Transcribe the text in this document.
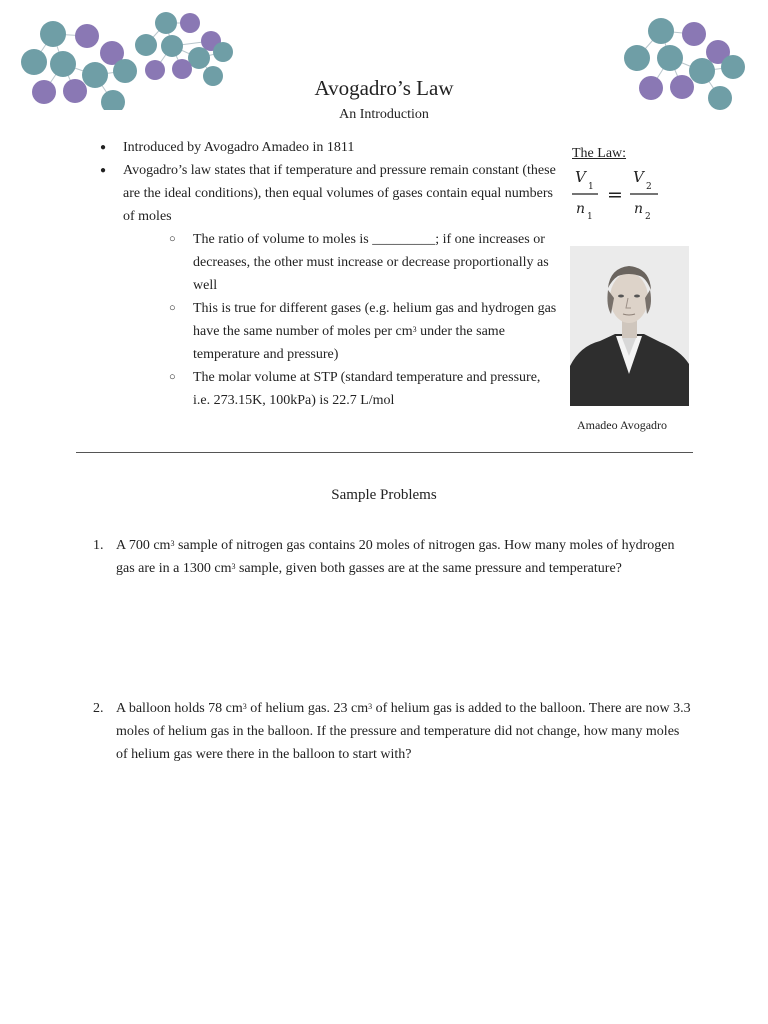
Avogadro’s Law
An Introduction
● Introduced by Avogadro Amadeo in 1811
● Avogadro’s law states that if temperature and pressure remain constant (these are the ideal conditions), then equal volumes of gases contain equal numbers of moles
○ The ratio of volume to moles is _________; if one increases or decreases, the other must increase or decrease proportionally as well
○ This is true for different gases (e.g. helium gas and hydrogen gas have the same number of moles per $cm^3$ under the same temperature and pressure)
○ The molar volume at STP (standard temperature and pressure, i.e. 273.15K, 100kPa) is 22.7 L/mol
The Law:
V
1
n 1
=
V
2
n 2
Amadeo Avogadro
Sample Problems
1. A 700 $cm^3$ sample of nitrogen gas contains 20 moles of nitrogen gas. How many moles of hydrogen gas are in a 1300 $cm^3$ sample, given both gasses are at the same pressure and temperature?
2. A balloon holds 78 $cm^3$ of helium gas. 23 $cm^3$ of helium gas is added to the balloon. There are now 3.3 moles of helium gas in the balloon. If the pressure and temperature did not change, how many moles of helium gas were there in the balloon to start with?
